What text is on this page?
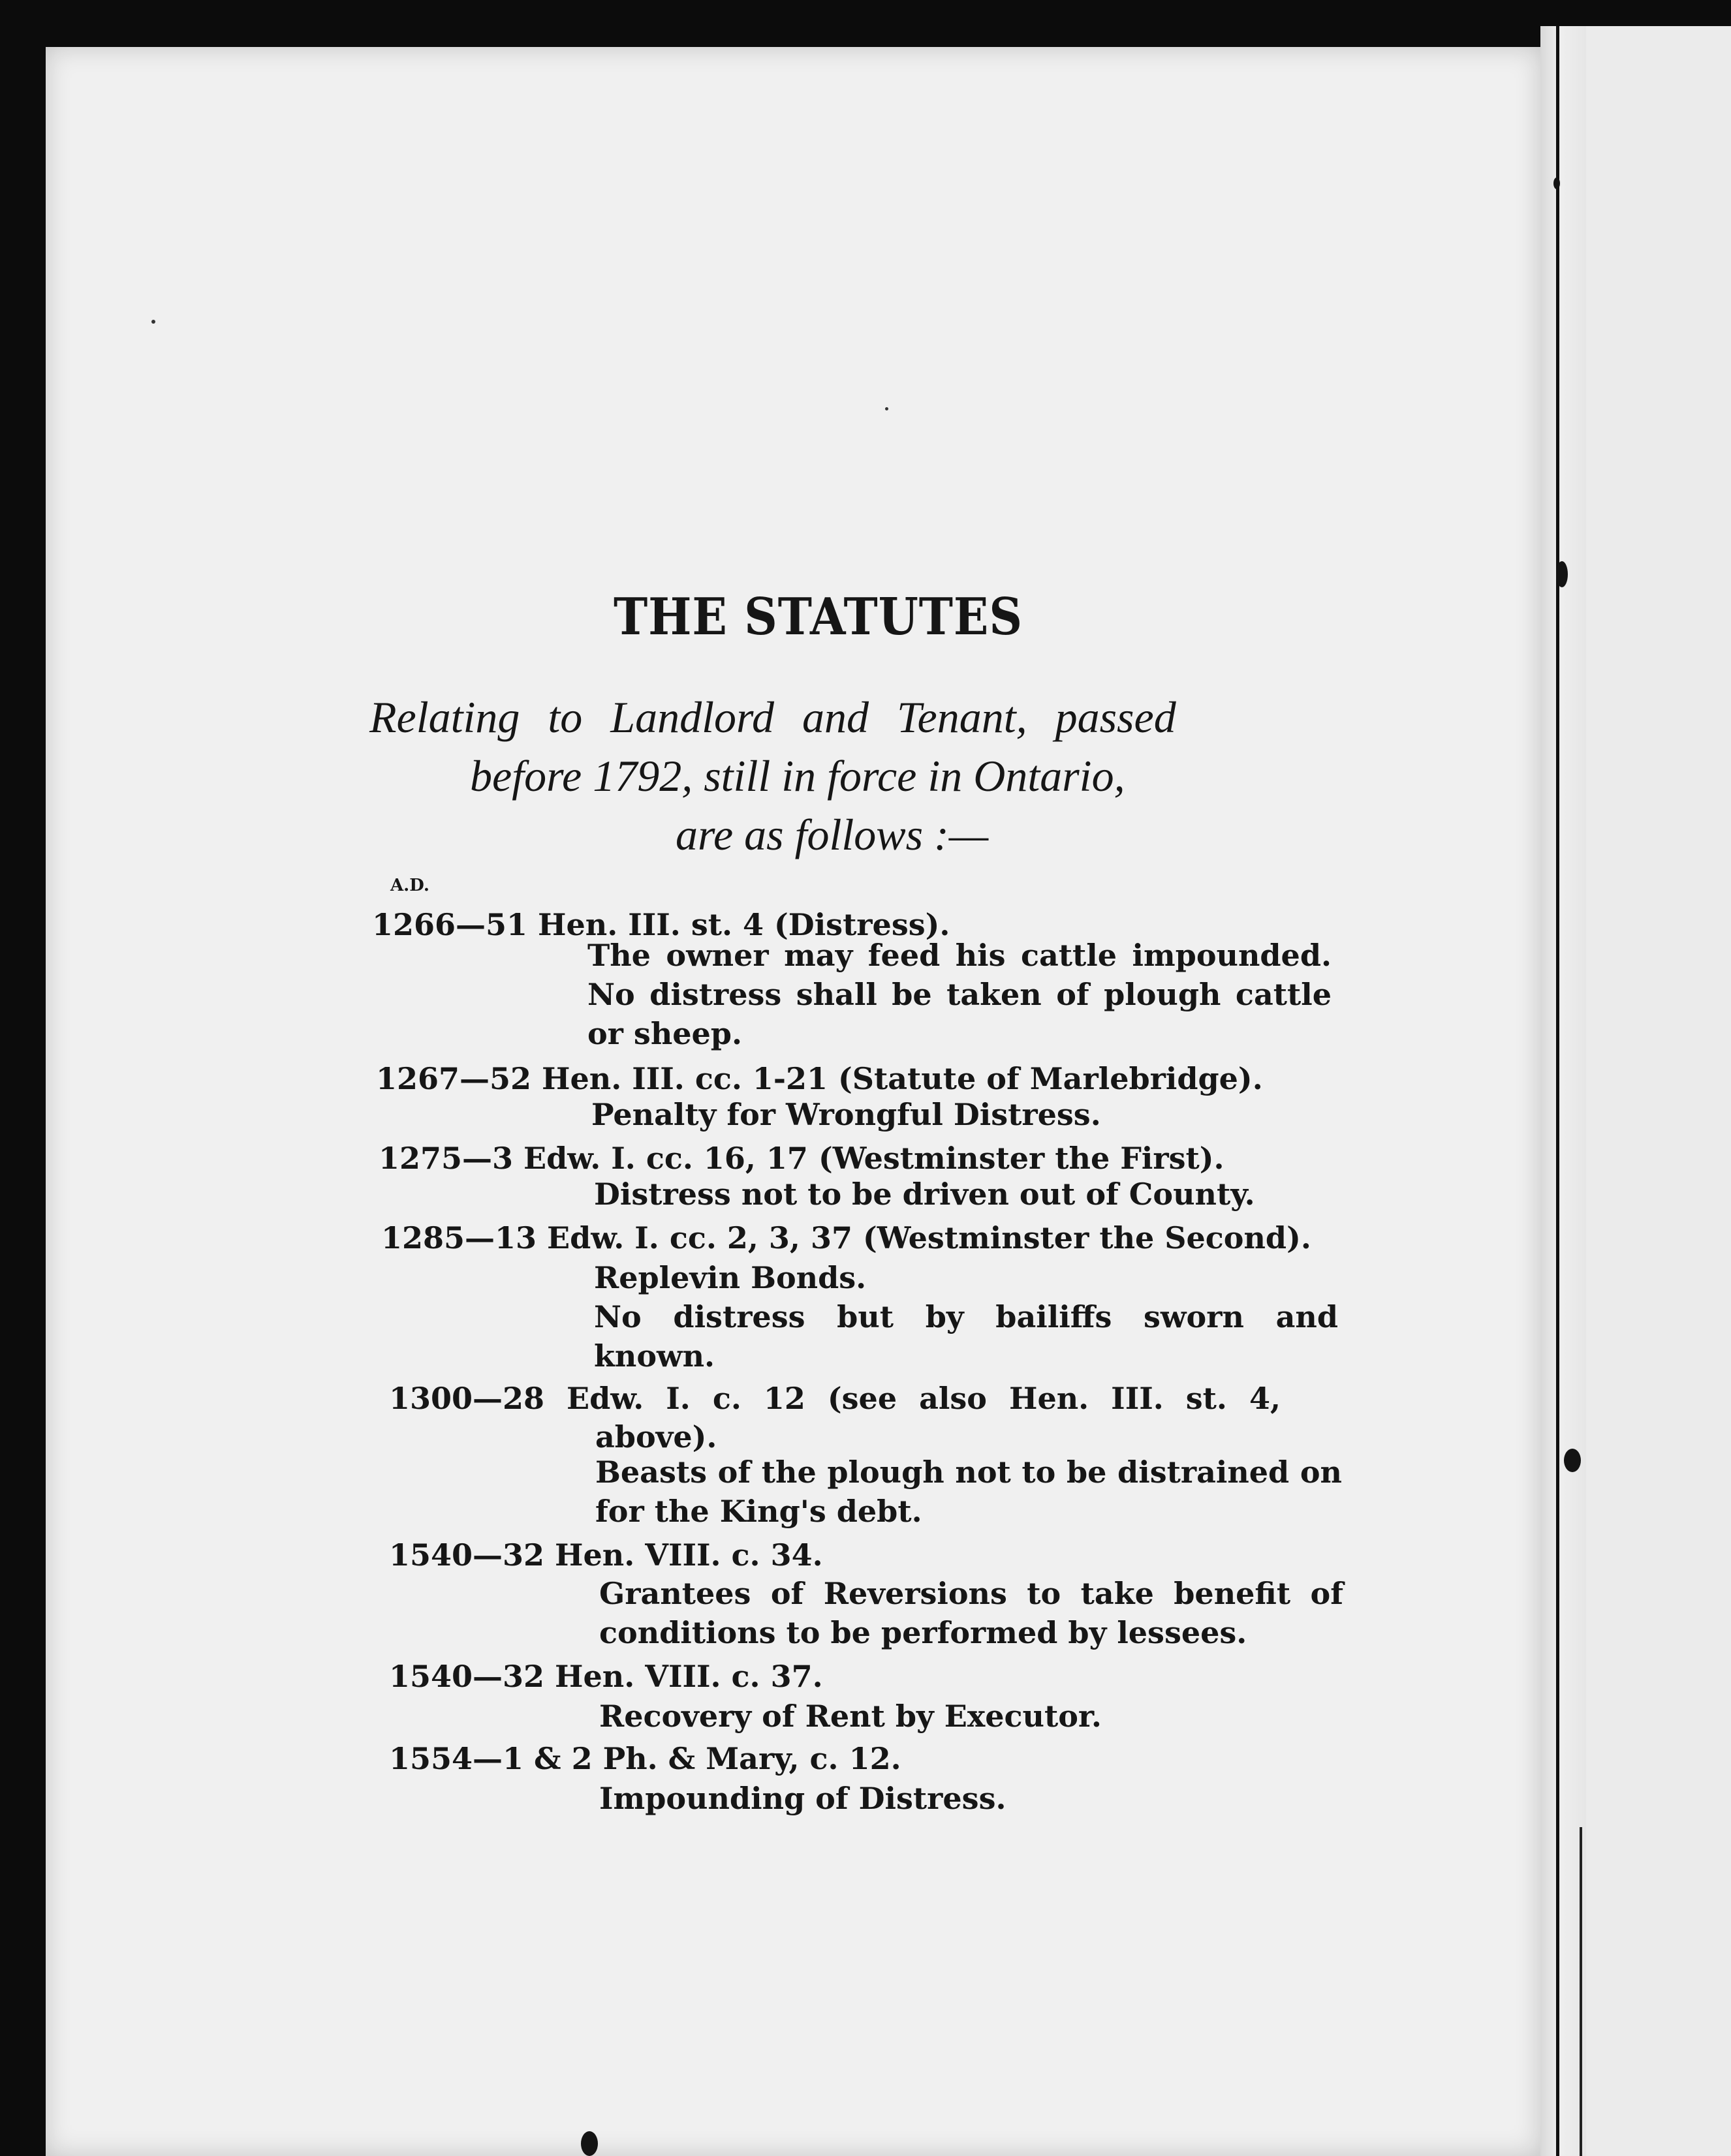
THE STATUTES
Relating to Landlord and Tenant, passed
before 1792, still in force in Ontario,
are as follows :—
A.D.
1266—51 Hen. III. st. 4 (Distress).
The owner may feed his cattle impounded. No distress shall be taken of plough cattle or sheep.
1267—52 Hen. III. cc. 1-21 (Statute of Marlebridge).
Penalty for Wrongful Distress.
1275—3 Edw. I. cc. 16, 17 (Westminster the First).
Distress not to be driven out of County.
1285—13 Edw. I. cc. 2, 3, 37 (Westminster the Second).
Replevin Bonds.
No distress but by bailiffs sworn and known.
1300—28 Edw. I. c. 12 (see also Hen. III. st. 4,
above).
Beasts of the plough not to be distrained on for the King's debt.
1540—32 Hen. VIII. c. 34.
Grantees of Reversions to take benefit of conditions to be performed by lessees.
1540—32 Hen. VIII. c. 37.
Recovery of Rent by Executor.
1554—1 & 2 Ph. & Mary, c. 12.
Impounding of Distress.
